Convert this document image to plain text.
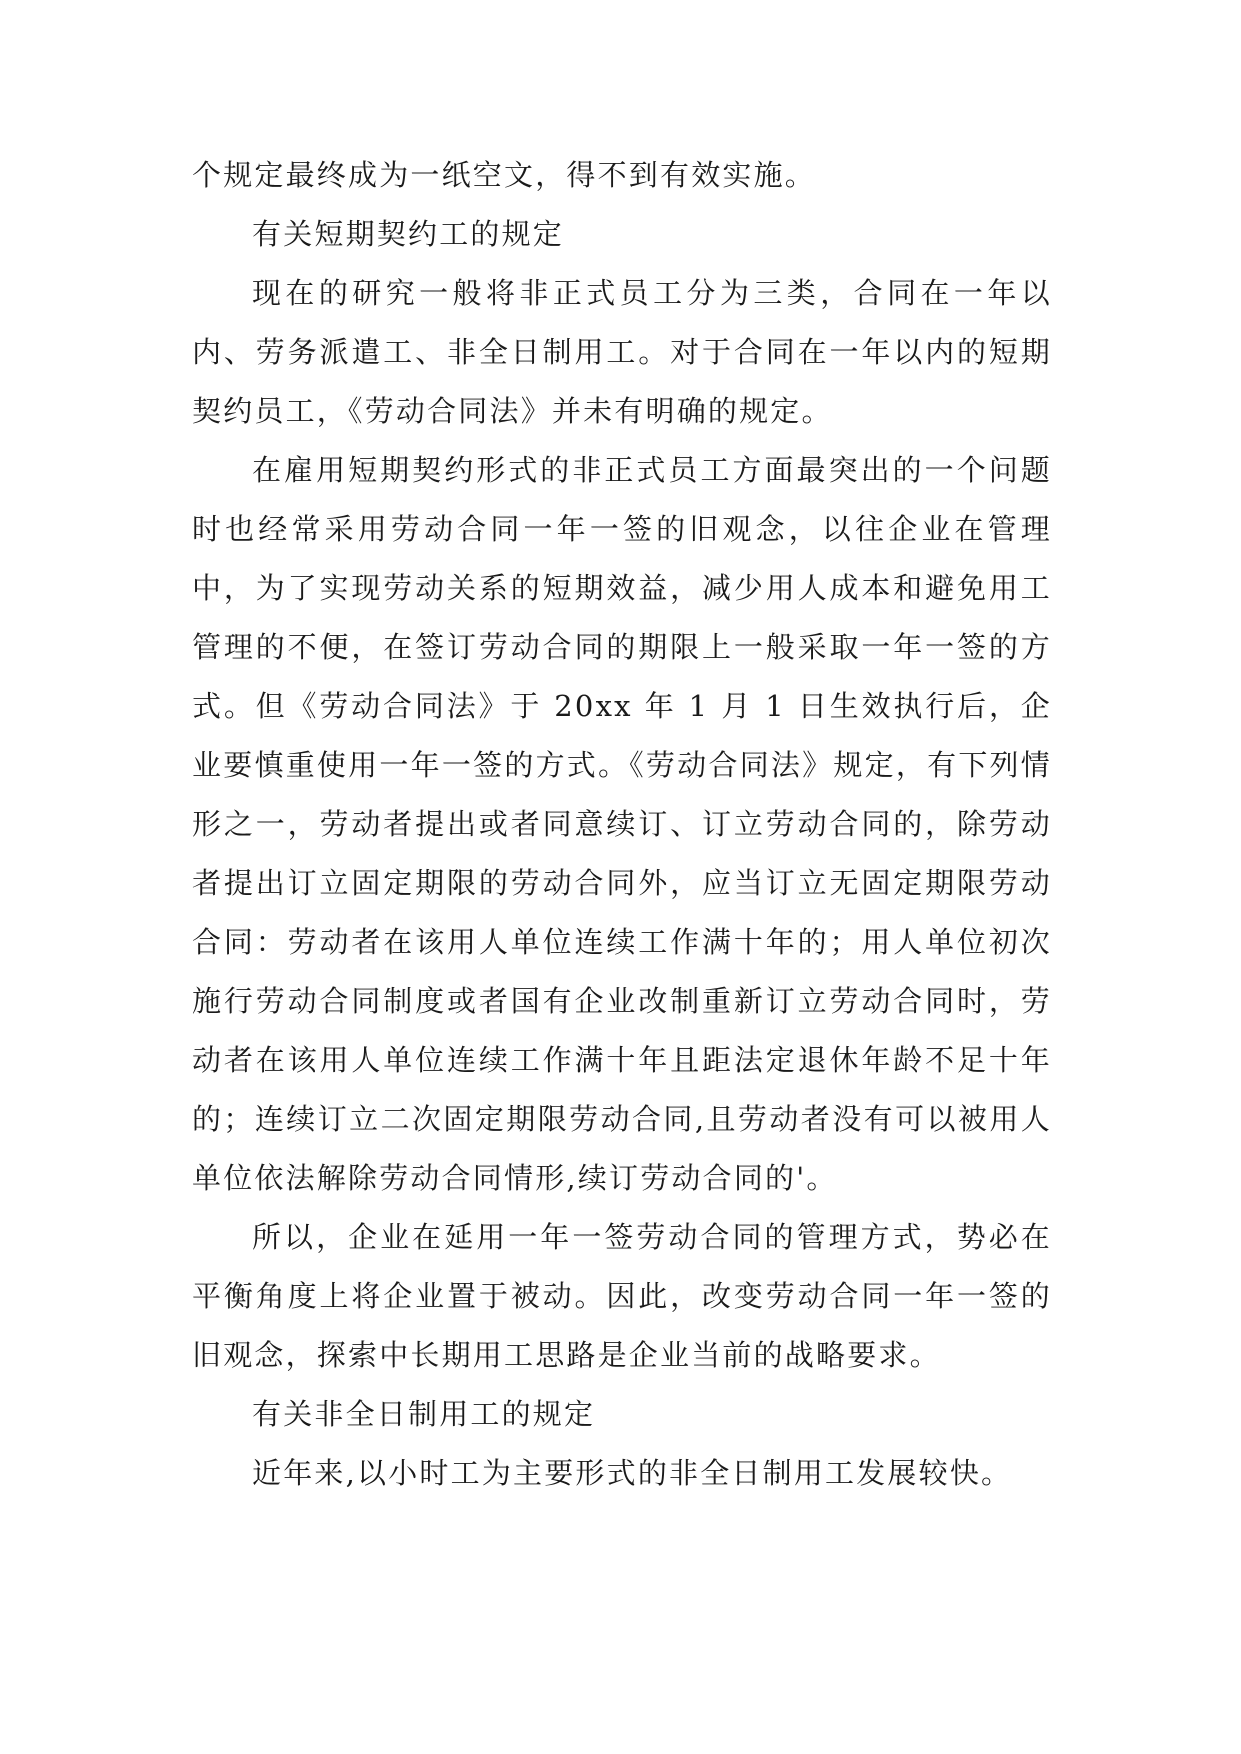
个规定最终成为一纸空文，得不到有效实施。

有关短期契约工的规定

现在的研究一般将非正式员工分为三类，合同在一年以内、劳务派遣工、非全日制用工。对于合同在一年以内的短期契约员工，《劳动合同法》并未有明确的规定。

在雇用短期契约形式的非正式员工方面最突出的一个问题时也经常采用劳动合同一年一签的旧观念，以往企业在管理中，为了实现劳动关系的短期效益，减少用人成本和避免用工管理的不便，在签订劳动合同的期限上一般采取一年一签的方式。但《劳动合同法》于 20xx 年 1 月 1 日生效执行后，企业要慎重使用一年一签的方式。《劳动合同法》规定，有下列情形之一，劳动者提出或者同意续订、订立劳动合同的，除劳动者提出订立固定期限的劳动合同外，应当订立无固定期限劳动合同：劳动者在该用人单位连续工作满十年的；用人单位初次施行劳动合同制度或者国有企业改制重新订立劳动合同时，劳动者在该用人单位连续工作满十年且距法定退休年龄不足十年的；连续订立二次固定期限劳动合同,且劳动者没有可以被用人单位依法解除劳动合同情形,续订劳动合同的'。

所以，企业在延用一年一签劳动合同的管理方式，势必在平衡角度上将企业置于被动。因此，改变劳动合同一年一签的旧观念，探索中长期用工思路是企业当前的战略要求。

有关非全日制用工的规定

近年来,以小时工为主要形式的非全日制用工发展较快。
